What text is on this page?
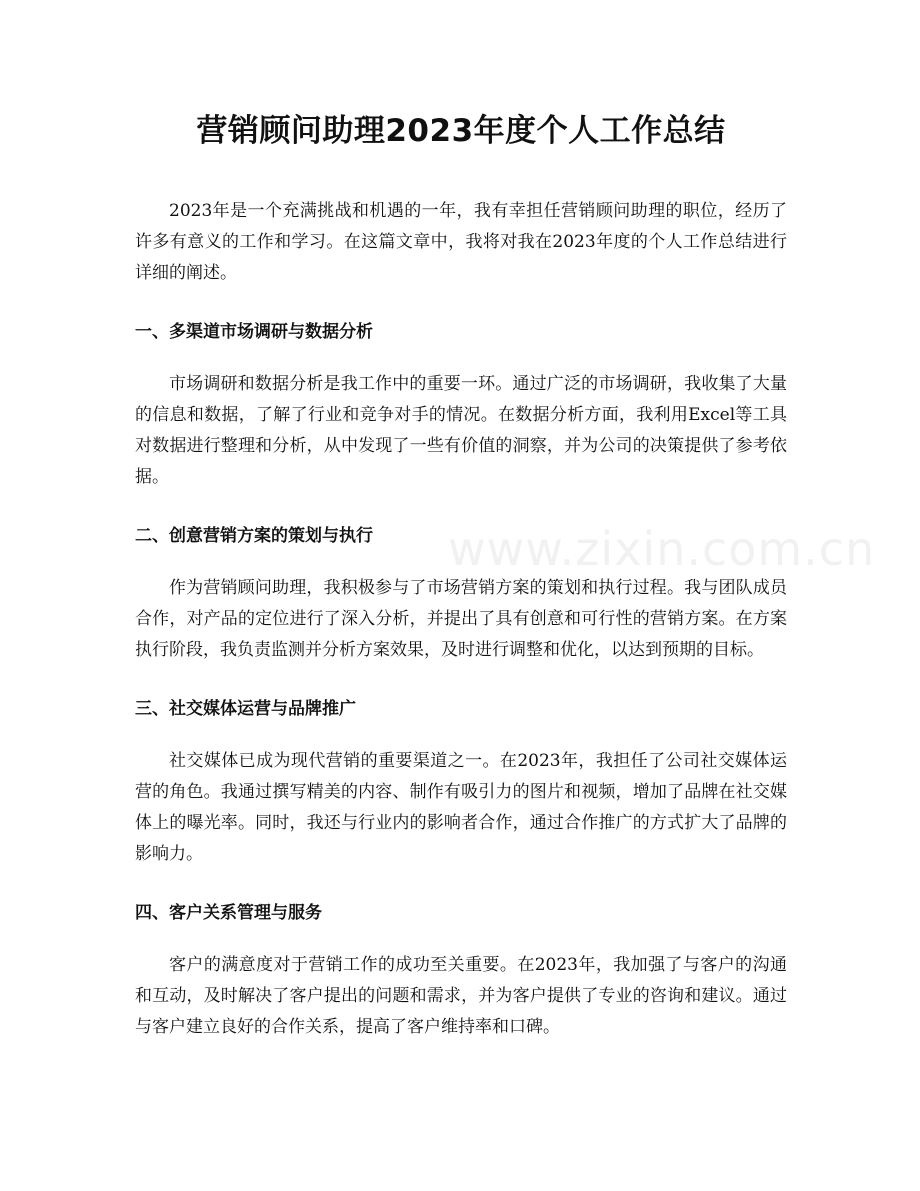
营销顾问助理2023年度个人工作总结

2023年是一个充满挑战和机遇的一年，我有幸担任营销顾问助理的职位，经历了许多有意义的工作和学习。在这篇文章中，我将对我在2023年度的个人工作总结进行详细的阐述。

一、多渠道市场调研与数据分析

市场调研和数据分析是我工作中的重要一环。通过广泛的市场调研，我收集了大量的信息和数据，了解了行业和竞争对手的情况。在数据分析方面，我利用Excel等工具对数据进行整理和分析，从中发现了一些有价值的洞察，并为公司的决策提供了参考依据。

二、创意营销方案的策划与执行

作为营销顾问助理，我积极参与了市场营销方案的策划和执行过程。我与团队成员合作，对产品的定位进行了深入分析，并提出了具有创意和可行性的营销方案。在方案执行阶段，我负责监测并分析方案效果，及时进行调整和优化，以达到预期的目标。

三、社交媒体运营与品牌推广

社交媒体已成为现代营销的重要渠道之一。在2023年，我担任了公司社交媒体运营的角色。我通过撰写精美的内容、制作有吸引力的图片和视频，增加了品牌在社交媒体上的曝光率。同时，我还与行业内的影响者合作，通过合作推广的方式扩大了品牌的影响力。

四、客户关系管理与服务

客户的满意度对于营销工作的成功至关重要。在2023年，我加强了与客户的沟通和互动，及时解决了客户提出的问题和需求，并为客户提供了专业的咨询和建议。通过与客户建立良好的合作关系，提高了客户维持率和口碑。

www.zixin.com.cn
